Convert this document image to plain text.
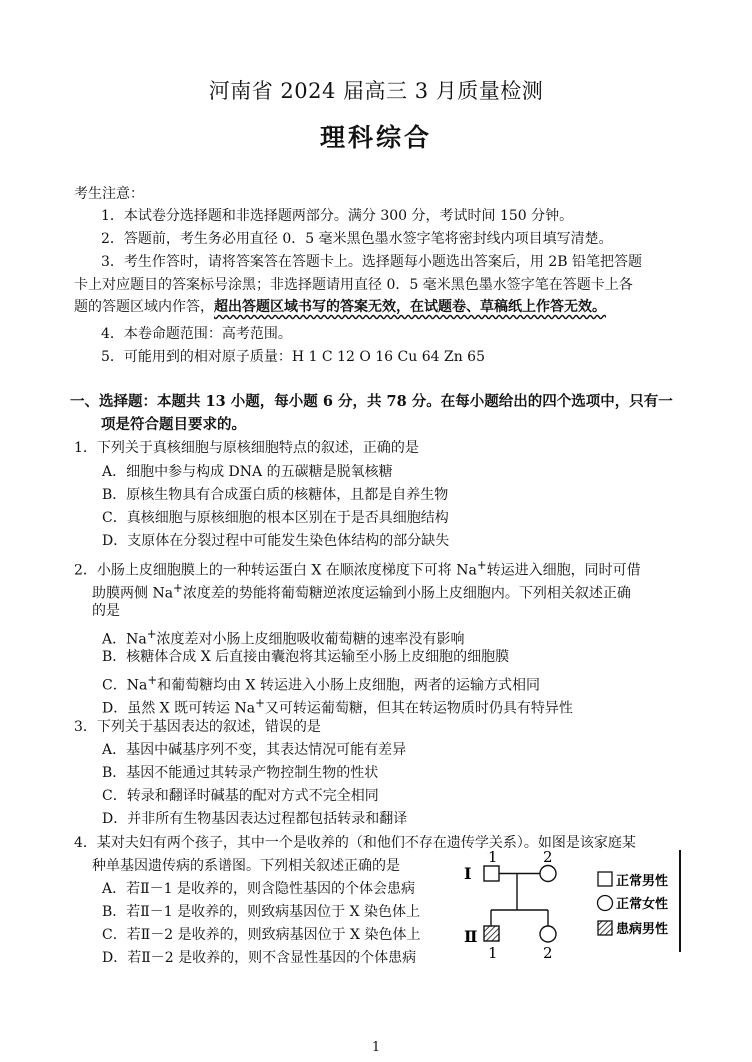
河南省 2024 届高三 3 月质量检测
理科综合
考生注意：
1．本试卷分选择题和非选择题两部分。满分 300 分，考试时间 150 分钟。
2．答题前，考生务必用直径 0．5 毫米黑色墨水签字笔将密封线内项目填写清楚。
3．考生作答时，请将答案答在答题卡上。选择题每小题选出答案后，用 2B 铅笔把答题
卡上对应题目的答案标号涂黑；非选择题请用直径 0．5 毫米黑色墨水签字笔在答题卡上各
题的答题区域内作答，超出答题区域书写的答案无效，在试题卷、草稿纸上作答无效。
4．本卷命题范围：高考范围。
5．可能用到的相对原子质量：H 1 C 12 O 16 Cu 64 Zn 65
一、选择题：本题共 13 小题，每小题 6 分，共 78 分。在每小题给出的四个选项中，只有一
项是符合题目要求的。
1．下列关于真核细胞与原核细胞特点的叙述，正确的是
A．细胞中参与构成 DNA 的五碳糖是脱氧核糖
B．原核生物具有合成蛋白质的核糖体，且都是自养生物
C．真核细胞与原核细胞的根本区别在于是否具细胞结构
D．支原体在分裂过程中可能发生染色体结构的部分缺失
2．小肠上皮细胞膜上的一种转运蛋白 X 在顺浓度梯度下可将 Na+转运进入细胞，同时可借
助膜两侧 Na+浓度差的势能将葡萄糖逆浓度运输到小肠上皮细胞内。下列相关叙述正确
的是
A．Na+浓度差对小肠上皮细胞吸收葡萄糖的速率没有影响
B．核糖体合成 X 后直接由囊泡将其运输至小肠上皮细胞的细胞膜
C．Na+和葡萄糖均由 X 转运进入小肠上皮细胞，两者的运输方式相同
D．虽然 X 既可转运 Na+又可转运葡萄糖，但其在转运物质时仍具有特异性
3．下列关于基因表达的叙述，错误的是
A．基因中碱基序列不变，其表达情况可能有差异
B．基因不能通过其转录产物控制生物的性状
C．转录和翻译时碱基的配对方式不完全相同
D．并非所有生物基因表达过程都包括转录和翻译
4．某对夫妇有两个孩子，其中一个是收养的（和他们不存在遗传学关系）。如图是该家庭某
种单基因遗传病的系谱图。下列相关叙述正确的是
A．若Ⅱ－1 是收养的，则含隐性基因的个体会患病
B．若Ⅱ－1 是收养的，则致病基因位于 X 染色体上
C．若Ⅱ－2 是收养的，则致病基因位于 X 染色体上
D．若Ⅱ－2 是收养的，则不含显性基因的个体患病
Ⅰ
Ⅱ
1	2
1	2
正常男性
正常女性
患病男性
1
